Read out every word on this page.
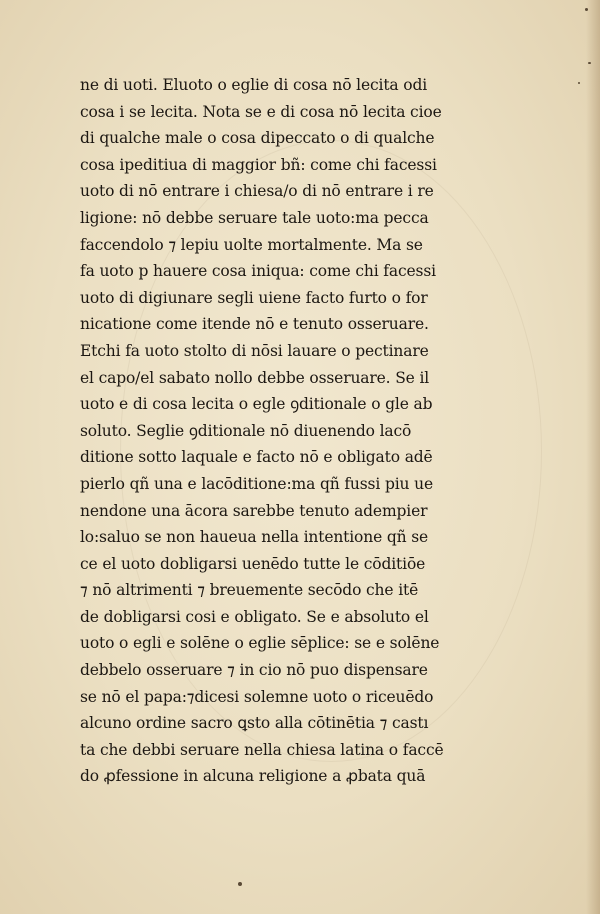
ne di uoti. Eluoto o eglie di cosa nō lecita odi
cosa i se lecita. Nota se e di cosa nō lecita cioe
di qualche male o cosa dipeccato o di qualche
cosa ipeditiua di maggior bñ: come chi facessi
uoto di nō entrare i chiesa/o di nō entrare i re
ligione: nō debbe seruare tale uoto:ma pecca
faccendolo ⁊ lepiu uolte mortalmente. Ma se
fa uoto p hauere cosa iniqua: come chi facessi
uoto di digiunare segli uiene facto furto o for
nicatione come itende nō e tenuto osseruare.
Etchi fa uoto stolto di nōsi lauare o pectinare
el capo/el sabato nollo debbe osseruare. Se il
uoto e di cosa lecita o egle ꝯditionale o gle ab
soluto. Seglie ꝯditionale nō diuenendo lacō
ditione sotto laquale e facto nō e obligato adē
pierlo qñ una e lacōditione:ma qñ fussi piu ue
nendone una ācora sarebbe tenuto adempier
lo:saluo se non haueua nella intentione qñ se
ce el uoto dobligarsi uenēdo tutte le cōditiōe
⁊ nō altrimenti ⁊ breuemente secōdo che itē
de dobligarsi cosi e obligato. Se e absoluto el
uoto o egli e solēne o eglie sēplice: se e solēne
debbelo osseruare ⁊ in cio nō puo dispensare
se nō el papa:⁊dicesi solemne uoto o riceuēdo
alcuno ordine sacro ꝗsto alla cōtinētia ⁊ castı
ta che debbi seruare nella chiesa latina o faccē
do ꝓfessione in alcuna religione a ꝓbata quā
